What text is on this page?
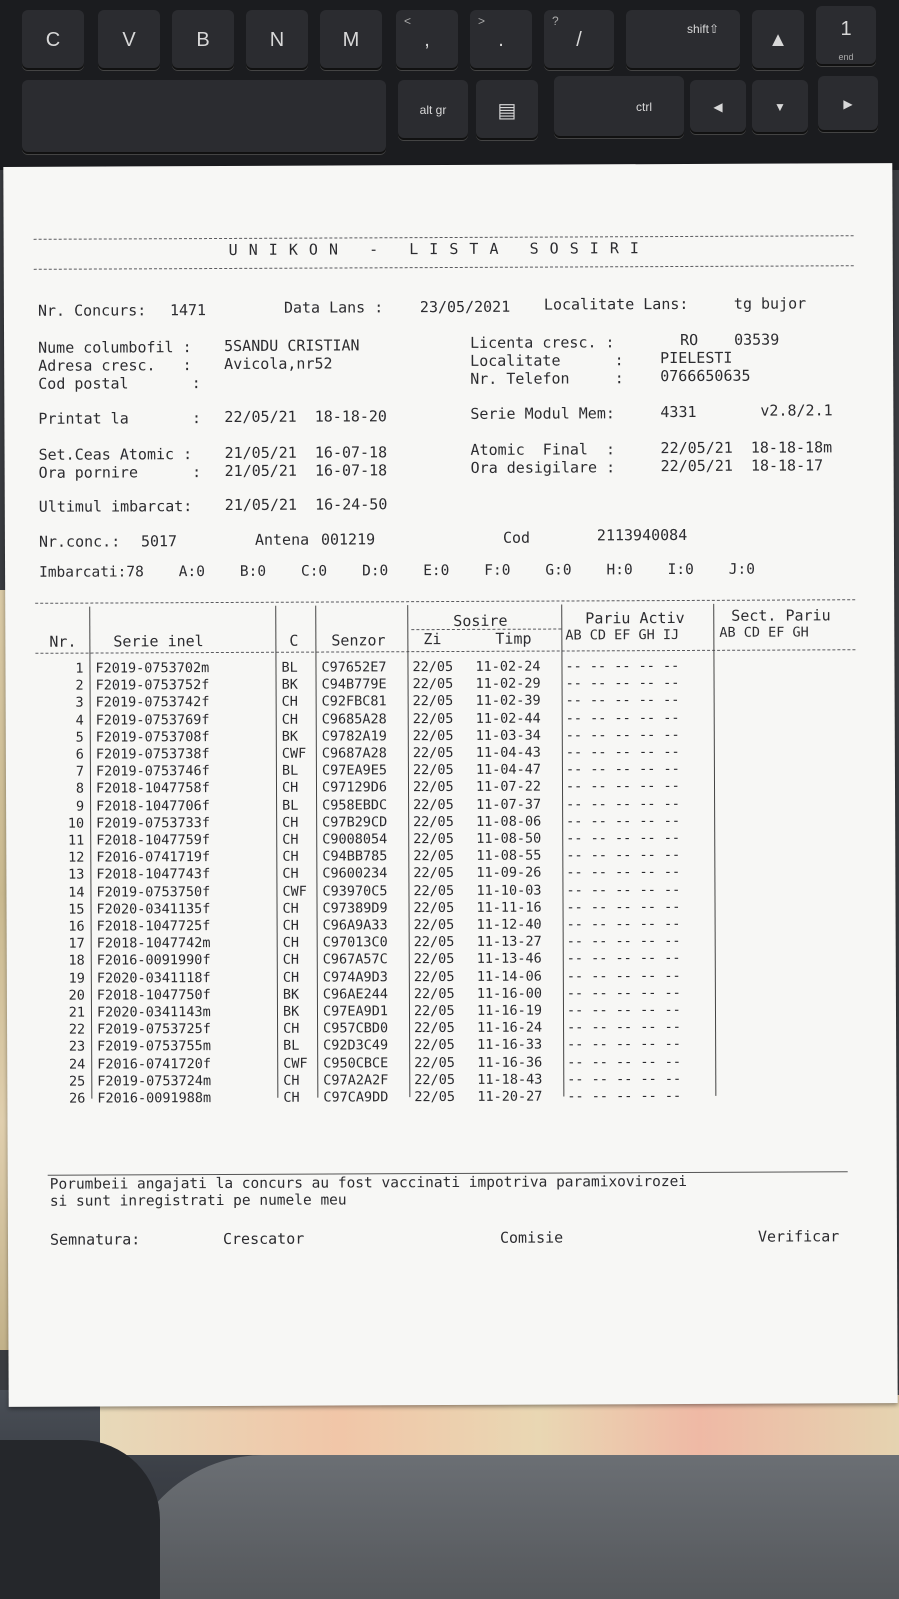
C	V	B	N	M
<
,
>
.
?
/	shift⇧ ▲	1
end
alt gr	▤	ctrl	◀	▼	▶
U N I K O N   -   L I S T A   S O S I R I
Nr. Concurs: 1471	Data Lans : 23/05/2021 Localitate Lans:	tg bujor
Nume columbofil : 5SANDU CRISTIAN
Adresa cresc.   : Avicola,nr52
Cod postal       :
Licenta cresc. :	RO 03539
Localitate      : PIELESTI
Nr. Telefon     : 0766650635
Printat la       : 22/05/21  18-18-20	Serie Modul Mem:	4331	v2.8/2.1
Set.Ceas Atomic : 21/05/21  16-07-18	Atomic  Final  :	22/05/21  18-18-18m
Ora pornire      : 21/05/21  16-07-18	Ora desigilare :	22/05/21  18-18-17
Ultimul imbarcat: 21/05/21  16-24-50
Nr.conc.: 5017	Antena 001219	Cod	2113940084
Imbarcati:78    A:0    B:0    C:0    D:0    E:0    F:0    G:0    H:0    I:0    J:0
Sosire	Pariu Activ	Sect. Pariu
Nr. Serie inel	C Senzor	Zi	Timp	AB CD EF GH IJ	AB CD EF GH
1 F2019-0753702m	BL C97652E7 22/05 11-02-24 -- -- -- -- --
2 F2019-0753752f	BK C94B779E 22/05 11-02-29 -- -- -- -- --
3 F2019-0753742f	CH C92FBC81 22/05 11-02-39 -- -- -- -- --
4 F2019-0753769f	CH C9685A28 22/05 11-02-44 -- -- -- -- --
5 F2019-0753708f	BK C9782A19 22/05 11-03-34 -- -- -- -- --
6 F2019-0753738f	CWF C9687A28 22/05 11-04-43 -- -- -- -- --
7 F2019-0753746f	BL C97EA9E5 22/05 11-04-47 -- -- -- -- --
8 F2018-1047758f	CH C97129D6 22/05 11-07-22 -- -- -- -- --
9 F2018-1047706f	BL C958EBDC 22/05 11-07-37 -- -- -- -- --
10 F2019-0753733f	CH C97B29CD 22/05 11-08-06 -- -- -- -- --
11 F2018-1047759f	CH C9008054 22/05 11-08-50 -- -- -- -- --
12 F2016-0741719f	CH C94BB785 22/05 11-08-55 -- -- -- -- --
13 F2018-1047743f	CH C9600234 22/05 11-09-26 -- -- -- -- --
14 F2019-0753750f	CWF C93970C5 22/05 11-10-03 -- -- -- -- --
15 F2020-0341135f	CH C97389D9 22/05 11-11-16 -- -- -- -- --
16 F2018-1047725f	CH C96A9A33 22/05 11-12-40 -- -- -- -- --
17 F2018-1047742m	CH C97013C0 22/05 11-13-27 -- -- -- -- --
18 F2016-0091990f	CH C967A57C 22/05 11-13-46 -- -- -- -- --
19 F2020-0341118f	CH C974A9D3 22/05 11-14-06 -- -- -- -- --
20 F2018-1047750f	BK C96AE244 22/05 11-16-00 -- -- -- -- --
21 F2020-0341143m	BK C97EA9D1 22/05 11-16-19 -- -- -- -- --
22 F2019-0753725f	CH C957CBD0 22/05 11-16-24 -- -- -- -- --
23 F2019-0753755m	BL C92D3C49 22/05 11-16-33 -- -- -- -- --
24 F2016-0741720f	CWF C950CBCE 22/05 11-16-36 -- -- -- -- --
25 F2019-0753724m	CH C97A2A2F 22/05 11-18-43 -- -- -- -- --
26 F2016-0091988m	CH C97CA9DD 22/05 11-20-27 -- -- -- -- --
Porumbeii angajati la concurs au fost vaccinati impotriva paramixovirozei
si sunt inregistrati pe numele meu
Semnatura:	Crescator	Comisie	Verificar
